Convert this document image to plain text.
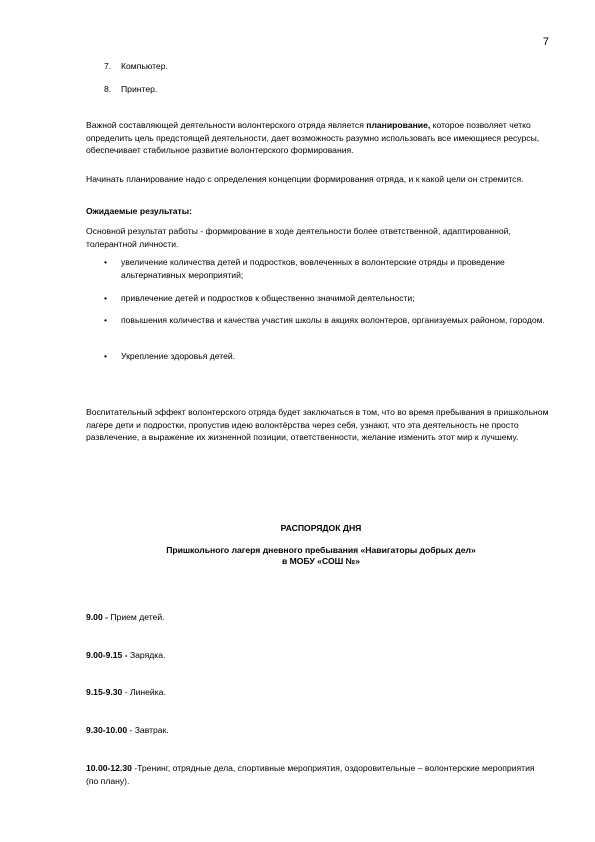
7
7. Компьютер.
8. Принтер.

Важной составляющей деятельности волонтерского отряда является планирование, которое позволяет четко определить цель предстоящей деятельности, дает возможность разумно использовать все имеющиеся ресурсы, обеспечивает стабильное развитие волонтерского формирования.

Начинать планирование надо с определения концепции формирования отряда, и к какой цели он стремится.

Ожидаемые результаты:

Основной результат работы - формирование в ходе деятельности более ответственной, адаптированной, толерантной личности.

• увеличение количества детей и подростков, вовлеченных в волонтерские отряды и проведение альтернативных мероприятий;
• привлечение детей и подростков к общественно значимой деятельности;
• повышения количества и качества участия школы в акциях волонтеров, организуемых районом, городом.
• Укрепление здоровья детей.

Воспитательный эффект волонтерского отряда будет заключаться в том, что во время пребывания в пришкольном лагере дети и подростки, пропустив идею волонтёрства через себя, узнают, что эта деятельность не просто развлечение, а выражение их жизненной позиции, ответственности, желание изменить этот мир к лучшему.

РАСПОРЯДОК ДНЯ
Пришкольного лагеря дневного пребывания «Навигаторы добрых дел»
в МОБУ «СОШ №»
9.00 - Прием детей.
9.00-9.15 - Зарядка.
9.15-9.30 - Линейка.
9.30-10.00 - Завтрак.
10.00-12.30 -Тренинг, отрядные дела, спортивные мероприятия, оздоровительные – волонтерские мероприятия (по плану).
